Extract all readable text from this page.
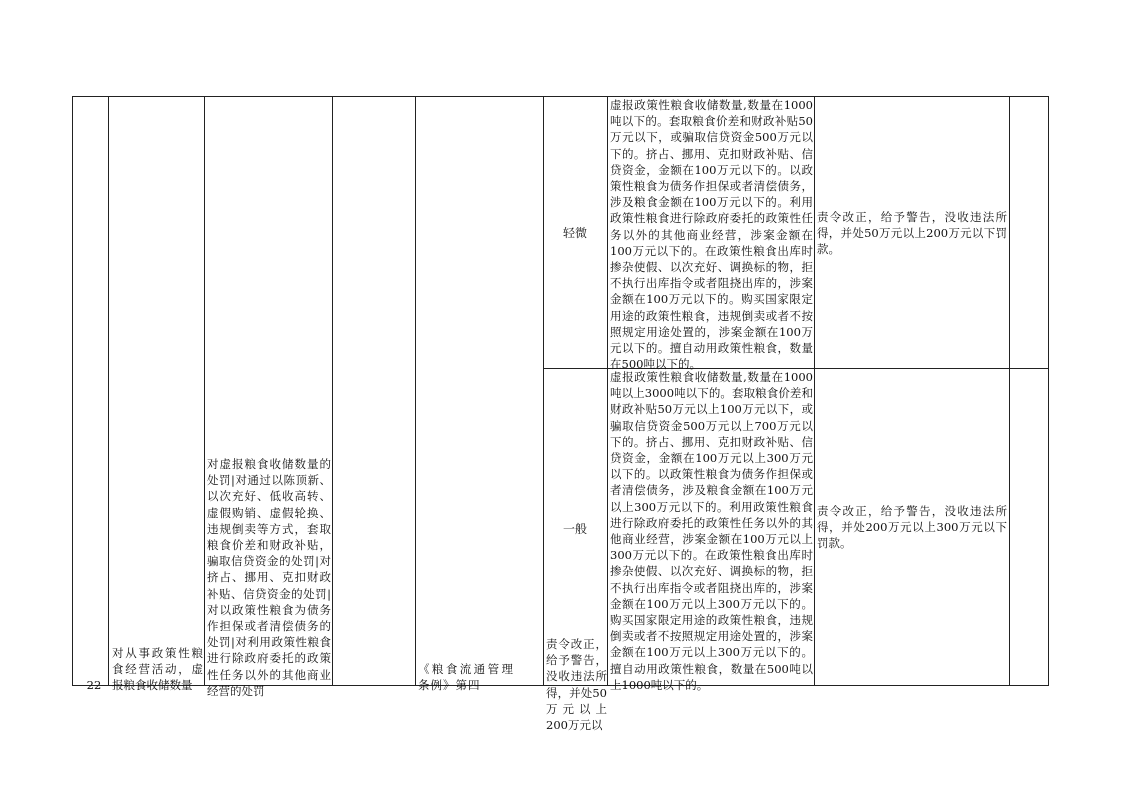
22
对从事政策性粮食经营活动，虚报粮食收储数量
对虚报粮食收储数量的处罚|对通过以陈顶新、以次充好、低收高转、虚假购销、虚假轮换、违规倒卖等方式，套取粮食价差和财政补贴，骗取信贷资金的处罚|对挤占、挪用、克扣财政补贴、信贷资金的处罚|对以政策性粮食为债务作担保或者清偿债务的处罚|对利用政策性粮食进行除政府委托的政策性任务以外的其他商业经营的处罚
《粮食流通管理条例》第四
责令改正，给予警告，没收违法所得，并处50万元以上200万元以
轻微
虚报政策性粮食收储数量,数量在1000吨以下的。套取粮食价差和财政补贴50万元以下，或骗取信贷资金500万元以下的。挤占、挪用、克扣财政补贴、信贷资金，金额在100万元以下的。以政策性粮食为债务作担保或者清偿债务，涉及粮食金额在100万元以下的。利用政策性粮食进行除政府委托的政策性任务以外的其他商业经营，涉案金额在100万元以下的。在政策性粮食出库时掺杂使假、以次充好、调换标的物，拒不执行出库指令或者阻挠出库的，涉案金额在100万元以下的。购买国家限定用途的政策性粮食，违规倒卖或者不按照规定用途处置的，涉案金额在100万元以下的。擅自动用政策性粮食，数量在500吨以下的。
责令改正，给予警告，没收违法所得，并处50万元以上200万元以下罚款。
一般
虚报政策性粮食收储数量,数量在1000吨以上3000吨以下的。套取粮食价差和财政补贴50万元以上100万元以下，或骗取信贷资金500万元以上700万元以下的。挤占、挪用、克扣财政补贴、信贷资金，金额在100万元以上300万元以下的。以政策性粮食为债务作担保或者清偿债务，涉及粮食金额在100万元以上300万元以下的。利用政策性粮食进行除政府委托的政策性任务以外的其他商业经营，涉案金额在100万元以上300万元以下的。在政策性粮食出库时掺杂使假、以次充好、调换标的物，拒不执行出库指令或者阻挠出库的，涉案金额在100万元以上300万元以下的。购买国家限定用途的政策性粮食，违规倒卖或者不按照规定用途处置的，涉案金额在100万元以上300万元以下的。擅自动用政策性粮食，数量在500吨以上1000吨以下的。
责令改正，给予警告，没收违法所得，并处200万元以上300万元以下罚款。
